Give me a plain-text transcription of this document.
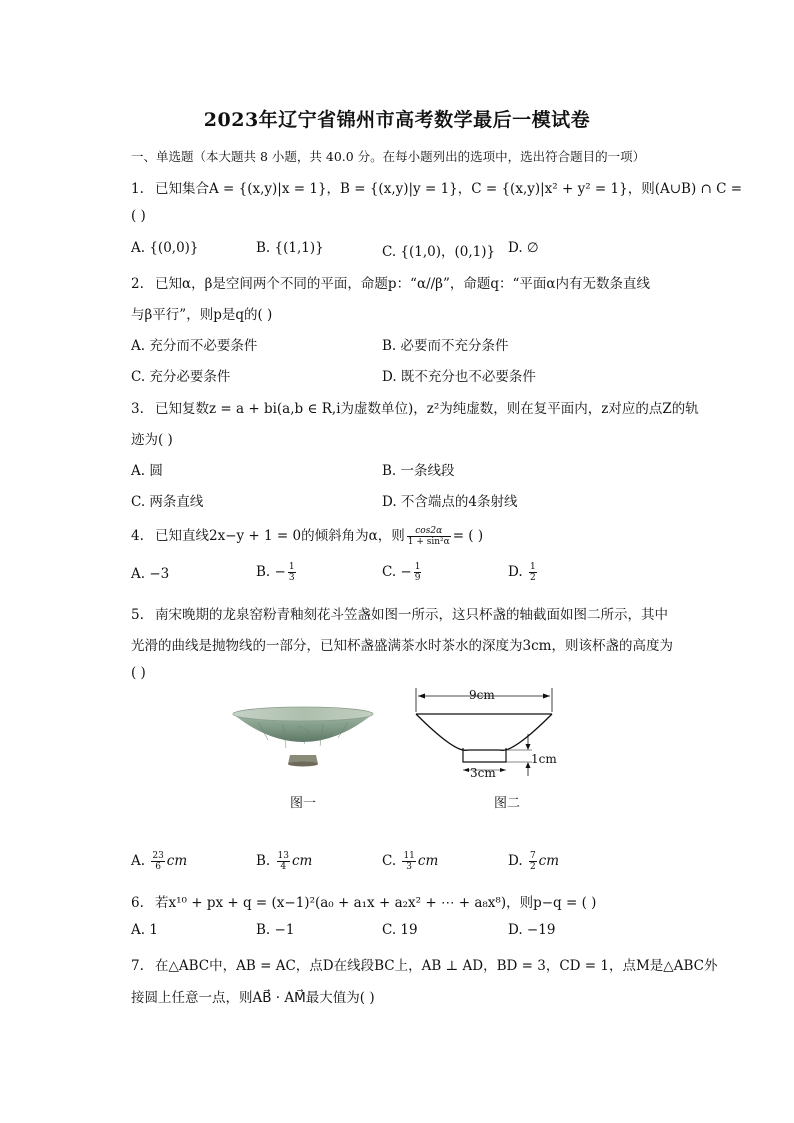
2023年辽宁省锦州市高考数学最后一模试卷
一、单选题（本大题共 8 小题，共 40.0 分。在每小题列出的选项中，选出符合题目的一项）
1. 已知集合A = {(x,y)|x = 1}，B = {(x,y)|y = 1}，C = {(x,y)|x² + y² = 1}，则(A∪B) ∩ C =
( )
A. {(0,0)}	B. {(1,1)}	C. {(1,0)，(0,1)} D. ∅
2. 已知α，β是空间两个不同的平面，命题p：“α//β”，命题q：“平面α内有无数条直线
与β平行”，则p是q的( )
A. 充分而不必要条件	B. 必要而不充分条件
C. 充分必要条件	D. 既不充分也不必要条件
3. 已知复数z = a + bi(a,b ∈ R,i为虚数单位)，z²为纯虚数，则在复平面内，z对应的点Z的轨
迹为( )
A. 圆	B. 一条线段
C. 两条直线	D. 不含端点的4条射线
4. 已知直线2x−y + 1 = 0的倾斜角为α，则 $\frac{\cos 2\alpha}{\text{1 + sin²α}}$ = ( )
A. −3	B. − $\frac{1}{3}$	C. − $\frac{1}{9}$	D. $\frac{1}{2}$
5. 南宋晚期的龙泉窑粉青釉刻花斗笠盏如图一所示，这只杯盏的轴截面如图二所示，其中
光滑的曲线是抛物线的一部分，已知杯盏盛满茶水时茶水的深度为3cm，则该杯盏的高度为
( )
图一
9cm
1cm
3cm
图二
A. $\frac{23}{6}$ cm	B. $\frac{13}{4}$ cm	C. $\frac{11}{3}$ cm	D. $\frac{7}{2}$ cm
6. 若x¹⁰ + px + q = (x−1)²(a₀ + a₁x + a₂x² + ⋯ + a₈x⁸)，则p−q = ( )
A. 1	B. −1	C. 19	D. −19
7. 在△ABC中，AB = AC，点D在线段BC上，AB ⊥ AD，BD = 3，CD = 1，点M是△ABC外
接圆上任意一点，则AB⃗ · AM⃗最大值为( )
